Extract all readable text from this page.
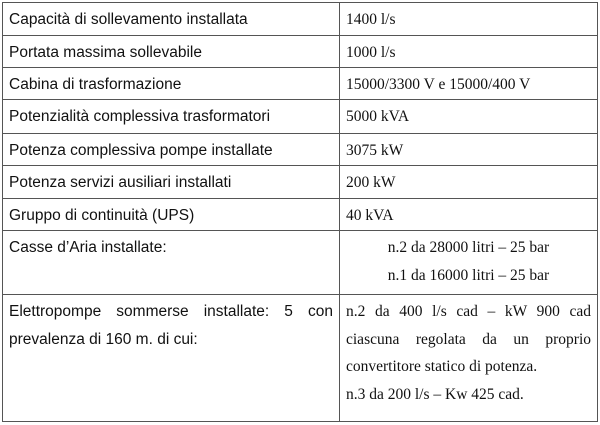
Capacità di sollevamento installata	1400 l/s
Portata massima sollevabile	1000 l/s
Cabina di trasformazione	15000/3300 V e 15000/400 V
Potenzialità complessiva trasformatori	5000 kVA
Potenza complessiva pompe installate	3075 kW
Potenza servizi ausiliari installati	200 kW
Gruppo di continuità (UPS)	40 kVA
Casse d’Aria installate:	n.2 da 28000 litri – 25 bar
n.1 da 16000 litri – 25 bar

Elettropompe sommerse installate: 5 con
prevalenza di 160 m. di cui:	n.2 da 400 l/s cad – kW 900 cad
ciascuna regolata da un proprio
convertitore statico di potenza.
n.3 da 200 l/s – Kw 425 cad.
